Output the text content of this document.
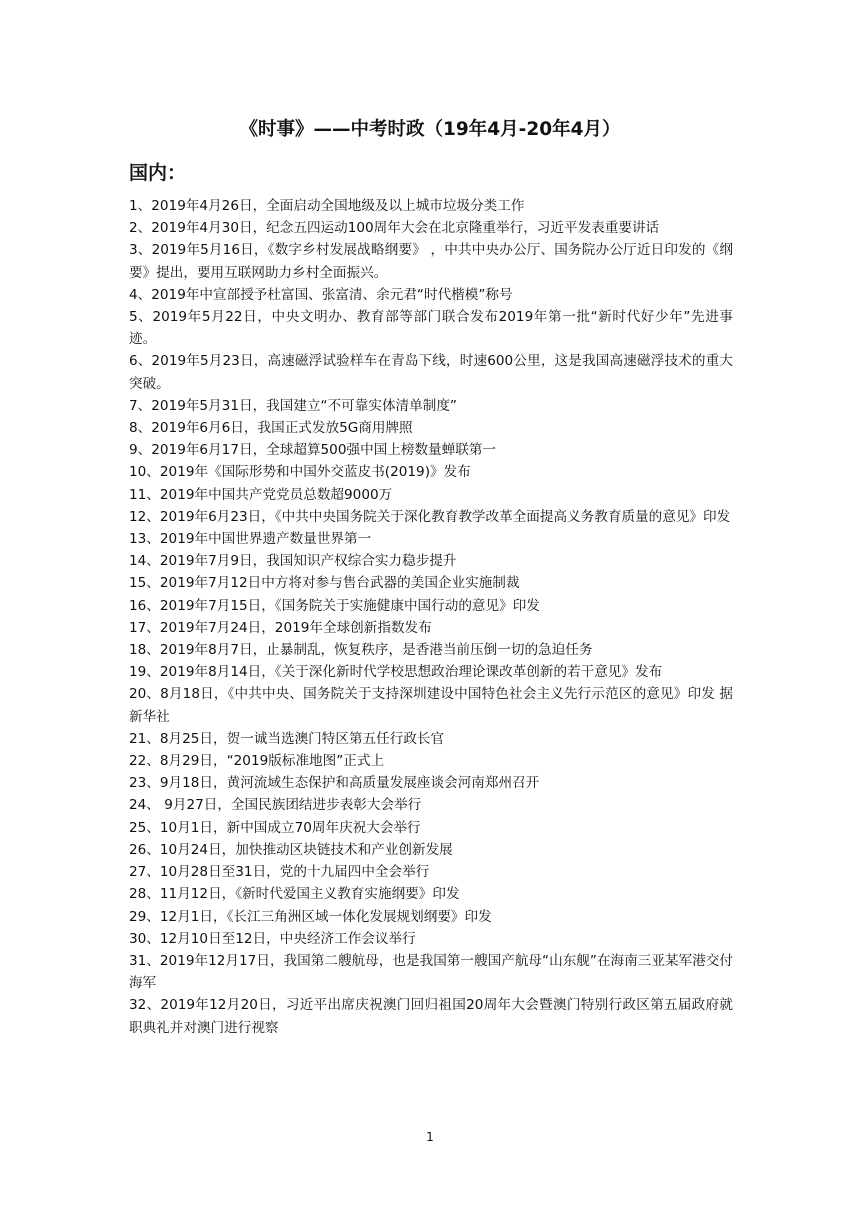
《时事》——中考时政（19年4月-20年4月）
国内：
1、2019年4月26日，全面启动全国地级及以上城市垃圾分类工作
2、2019年4月30日，纪念五四运动100周年大会在北京隆重举行，习近平发表重要讲话
3、2019年5月16日，《数字乡村发展战略纲要》 ，中共中央办公厅、国务院办公厅近日印发的《纲要》提出，要用互联网助力乡村全面振兴。
4、2019年中宣部授予杜富国、张富清、余元君“时代楷模”称号
5、2019年5月22日，中央文明办、教育部等部门联合发布2019年第一批“新时代好少年”先进事迹。
6、2019年5月23日，高速磁浮试验样车在青岛下线，时速600公里，这是我国高速磁浮技术的重大突破。
7、2019年5月31日，我国建立“不可靠实体清单制度”
8、2019年6月6日，我国正式发放5G商用牌照
9、2019年6月17日，全球超算500强中国上榜数量蝉联第一
10、2019年《国际形势和中国外交蓝皮书(2019)》发布
11、2019年中国共产党党员总数超9000万
12、2019年6月23日，《中共中央国务院关于深化教育教学改革全面提高义务教育质量的意见》印发
13、2019年中国世界遗产数量世界第一
14、2019年7月9日，我国知识产权综合实力稳步提升
15、2019年7月12日中方将对参与售台武器的美国企业实施制裁
16、2019年7月15日，《国务院关于实施健康中国行动的意见》印发
17、2019年7月24日，2019年全球创新指数发布
18、2019年8月7日，止暴制乱，恢复秩序，是香港当前压倒一切的急迫任务
19、2019年8月14日，《关于深化新时代学校思想政治理论课改革创新的若干意见》发布
20、8月18日，《中共中央、国务院关于支持深圳建设中国特色社会主义先行示范区的意见》印发 据新华社
21、8月25日，贺一诚当选澳门特区第五任行政长官
22、8月29日，“2019版标准地图”正式上
23、9月18日，黄河流域生态保护和高质量发展座谈会河南郑州召开
24、 9月27日，全国民族团结进步表彰大会举行
25、10月1日，新中国成立70周年庆祝大会举行
26、10月24日，加快推动区块链技术和产业创新发展
27、10月28日至31日，党的十九届四中全会举行
28、11月12日，《新时代爱国主义教育实施纲要》印发
29、12月1日，《长江三角洲区域一体化发展规划纲要》印发
30、12月10日至12日，中央经济工作会议举行
31、2019年12月17日，我国第二艘航母，也是我国第一艘国产航母“山东舰”在海南三亚某军港交付海军
32、2019年12月20日，习近平出席庆祝澳门回归祖国20周年大会暨澳门特别行政区第五届政府就职典礼并对澳门进行视察
1
